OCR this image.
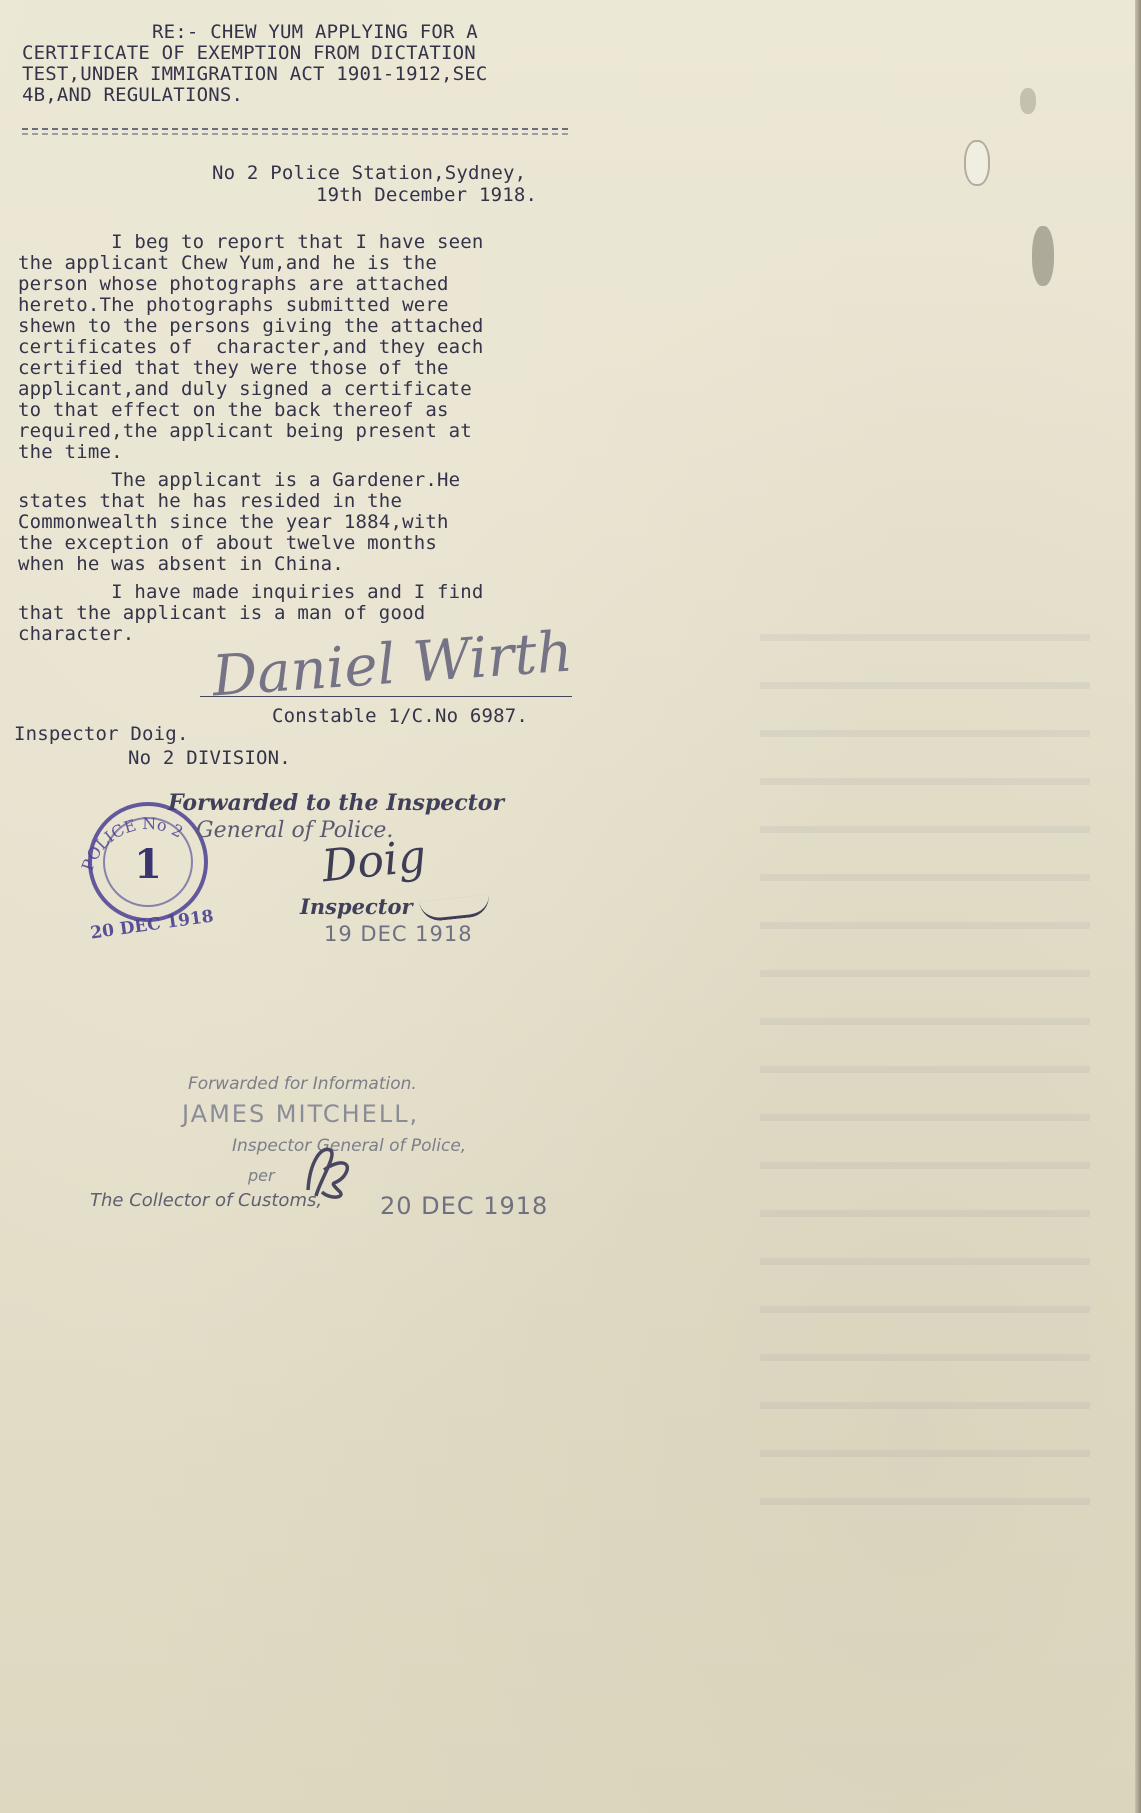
RE:- CHEW YUM APPLYING FOR A
CERTIFICATE OF EXEMPTION FROM DICTATION
TEST,UNDER IMMIGRATION ACT 1901-1912,SEC
4B,AND REGULATIONS.
No 2 Police Station,Sydney,
19th December 1918.
I beg to report that I have seen
the applicant Chew Yum,and he is the
person whose photographs are attached
hereto.The photographs submitted were
shewn to the persons giving the attached
certificates of  character,and they each
certified that they were those of the
applicant,and duly signed a certificate
to that effect on the back thereof as
required,the applicant being present at
the time.
The applicant is a Gardener.He
states that he has resided in the
Commonwealth since the year 1884,with
the exception of about twelve months
when he was absent in China.
I have made inquiries and I find
that the applicant is a man of good
character. Daniel Wirth
Constable 1/C.No 6987.
Inspector Doig.
No 2 DIVISION.
POLICE No 2
1
20 DEC 1918
Forwarded to the Inspector
General of Police.
Doig
Inspector
19 DEC 1918
Forwarded for Information.
JAMES MITCHELL,
Inspector General of Police,
per
The Collector of Customs, 20 DEC 1918
